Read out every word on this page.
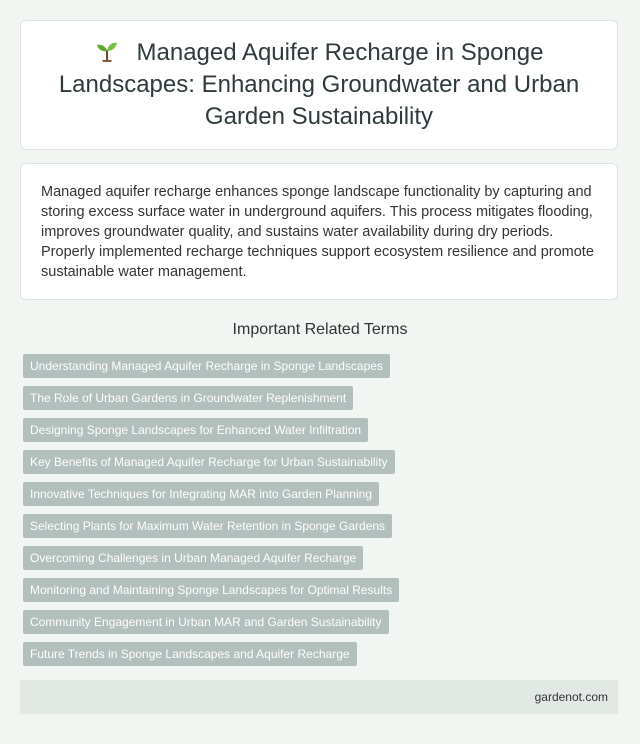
Managed Aquifer Recharge in Sponge Landscapes: Enhancing Groundwater and Urban Garden Sustainability

Managed aquifer recharge enhances sponge landscape functionality by capturing and storing excess surface water in underground aquifers. This process mitigates flooding, improves groundwater quality, and sustains water availability during dry periods. Properly implemented recharge techniques support ecosystem resilience and promote sustainable water management.

Important Related Terms
Understanding Managed Aquifer Recharge in Sponge Landscapes
The Role of Urban Gardens in Groundwater Replenishment
Designing Sponge Landscapes for Enhanced Water Infiltration
Key Benefits of Managed Aquifer Recharge for Urban Sustainability
Innovative Techniques for Integrating MAR into Garden Planning
Selecting Plants for Maximum Water Retention in Sponge Gardens
Overcoming Challenges in Urban Managed Aquifer Recharge
Monitoring and Maintaining Sponge Landscapes for Optimal Results
Community Engagement in Urban MAR and Garden Sustainability
Future Trends in Sponge Landscapes and Aquifer Recharge
gardenot.com
